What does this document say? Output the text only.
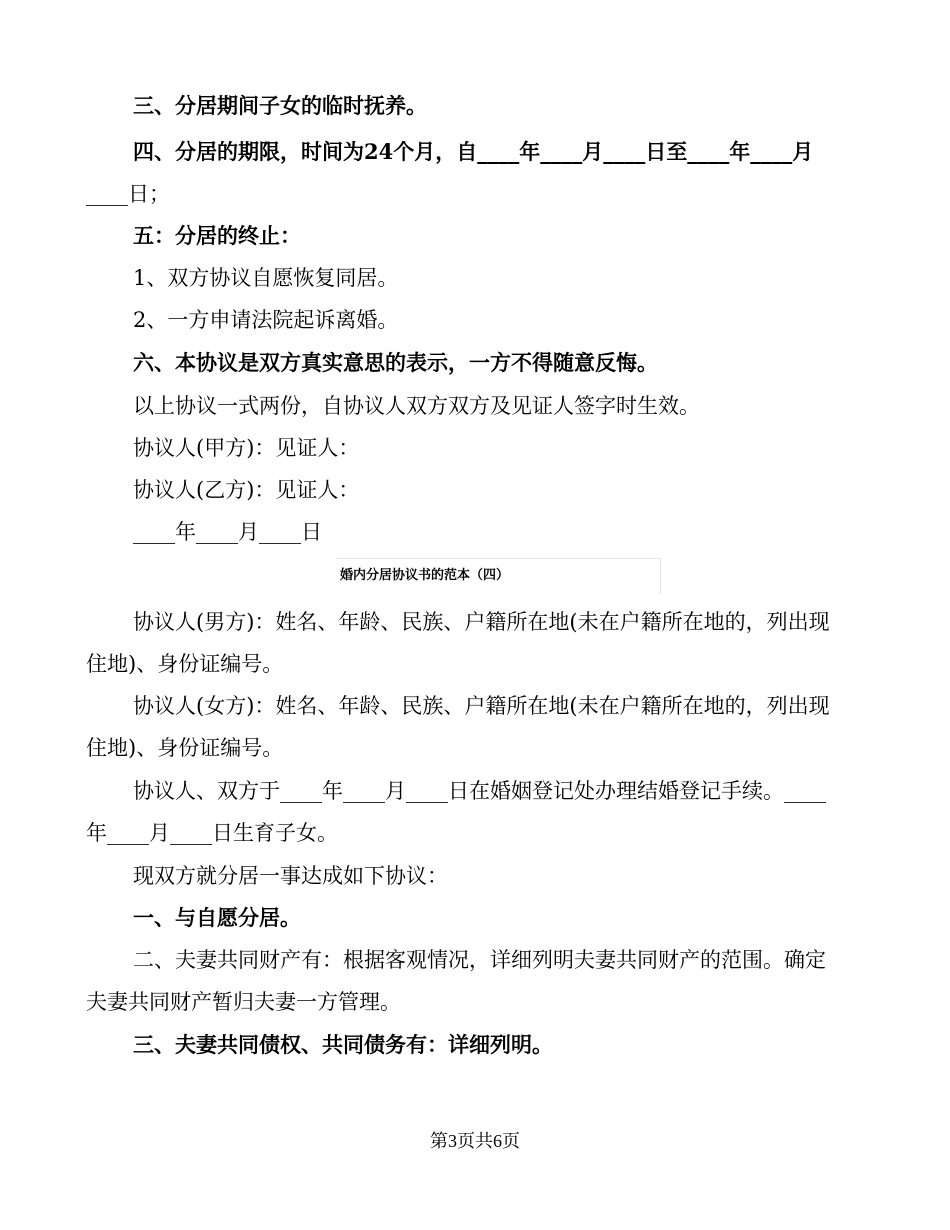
三、分居期间子女的临时抚养。
四、分居的期限，时间为24个月，自____年____月____日至____年____月
____日；
五：分居的终止：
1、双方协议自愿恢复同居。
2、一方申请法院起诉离婚。
六、本协议是双方真实意思的表示，一方不得随意反悔。
以上协议一式两份，自协议人双方双方及见证人签字时生效。
协议人(甲方)：见证人：
协议人(乙方)：见证人：
____年____月____日
婚内分居协议书的范本（四）
协议人(男方)：姓名、年龄、民族、户籍所在地(未在户籍所在地的，列出现
住地)、身份证编号。
协议人(女方)：姓名、年龄、民族、户籍所在地(未在户籍所在地的，列出现
住地)、身份证编号。
协议人、双方于____年____月____日在婚姻登记处办理结婚登记手续。____
年____月____日生育子女。
现双方就分居一事达成如下协议：
一、与自愿分居。
二、夫妻共同财产有：根据客观情况，详细列明夫妻共同财产的范围。确定
夫妻共同财产暂归夫妻一方管理。
三、夫妻共同债权、共同债务有：详细列明。
第3页共6页
